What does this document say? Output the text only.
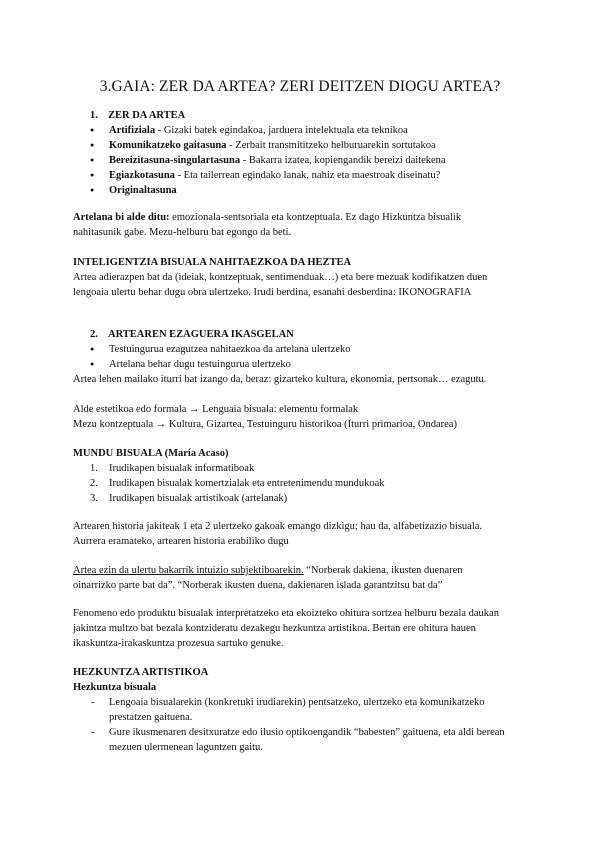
3.GAIA: ZER DA ARTEA? ZERI DEITZEN DIOGU ARTEA?

1. ZER DA ARTEA

● Artifiziala - Gizaki batek egindakoa, jarduera intelektuala eta teknikoa
● Komunikatzeko gaitasuna - Zerbait transmititzeko helburuarekin sortutakoa
● Bereizitasuna-singulartasuna - Bakarra izatea, kopiengandik bereizi daitekena
● Egiazkotasuna - Eta tailerrean egindako lanak, nahiz eta maestroak diseinatu?
● Originaltasuna

Artelana bi alde ditu: emozionala-sentsoriala eta kontzeptuala. Ez dago Hizkuntza bisualik

nahitasunik gabe. Mezu-helburu bat egongo da beti.

INTELIGENTZIA BISUALA NAHITAEZKOA DA HEZTEA

Artea adierazpen bat da (ideiak, kontzeptuak, sentimenduak…) eta bere mezuak kodifikatzen duen

lengoaia ulertu behar dugu obra ulertzeko. Irudi berdina, esanahi desberdina: IKONOGRAFIA

2. ARTEAREN EZAGUERA IKASGELAN

● Testuingurua ezagutzea nahitaezkoa da artelana ulertzeko
● Artelana behar dugu testuingurua ulertzeko

Artea lehen mailako iturri bat izango da, beraz: gizarteko kultura, ekonomia, pertsonak… ezagutu.

Alde estetikoa edo formala → Lenguaia bisuala: elementu formalak

Mezu kontzeptuala → Kultura, Gizartea, Testuinguru historikoa (Iturri primarioa, Ondarea)

MUNDU BISUALA (María Acaso)

1. Irudikapen bisualak informatiboak
2. Irudikapen bisualak komertzialak eta entretenimendu mundukoak
3. Irudikapen bisualak artistikoak (artelanak)

Artearen historia jakiteak 1 eta 2 ulertzeko gakoak emango dizkigu; hau da, alfabetizazio bisuala.

Aurrera eramateko, artearen historia erabiliko dugu

Artea ezin da ulertu bakarrik intuizio subjektiboarekin. “Norberak dakiena, ikusten duenaren

oinarrizko parte bat da”. “Norberak ikusten duena, dakienaren islada garantzitsu bat da”

Fenomeno edo produktu bisualak interpretatzeko eta ekoizteko ohitura sortzea helburu bezala daukan

jakintza multzo bat bezala kontzideratu dezakegu hezkuntza artistikoa. Bertan ere ohitura hauen

ikaskuntza-irakaskuntza prozesua sartuko genuke.

HEZKUNTZA ARTISTIKOA

Hezkuntza bisuala

- Lengoaia bisualarekin (konkretuki irudiarekin) pentsatzeko, ulertzeko eta komunikatzeko
prestatzen gaituena.
- Gure ikusmenaren desitxuratze edo ilusio optikoengandik “babesten” gaituena, eta aldi berean
mezuen ulermenean laguntzen gaitu.
